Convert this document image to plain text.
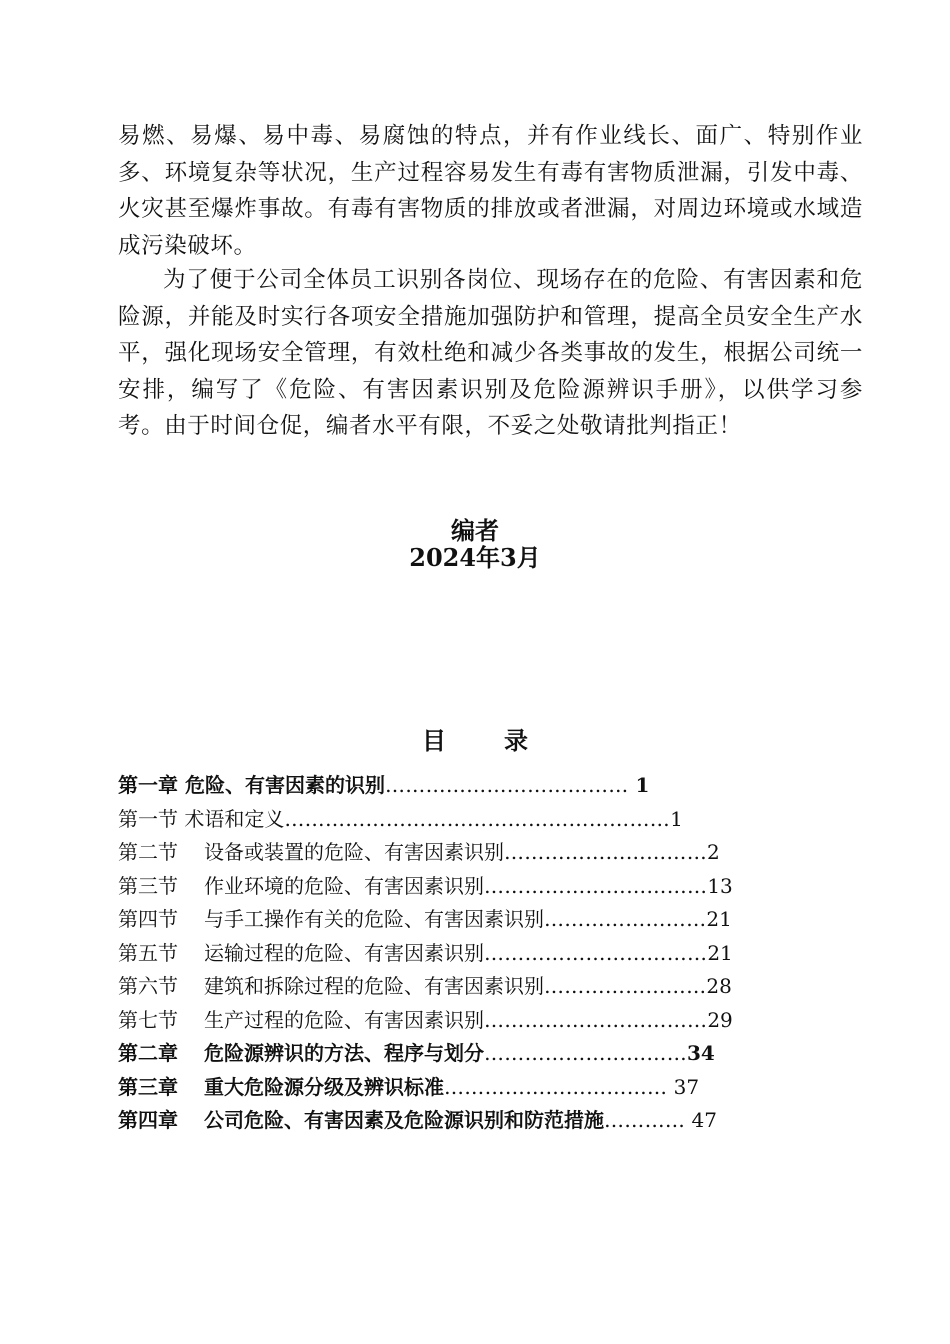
易燃、易爆、易中毒、易腐蚀的特点，并有作业线长、面广、特别作业多、环境复杂等状况，生产过程容易发生有毒有害物质泄漏，引发中毒、火灾甚至爆炸事故。有毒有害物质的排放或者泄漏，对周边环境或水域造成污染破坏。

为了便于公司全体员工识别各岗位、现场存在的危险、有害因素和危险源，并能及时实行各项安全措施加强防护和管理，提高全员安全生产水平，强化现场安全管理，有效杜绝和减少各类事故的发生，根据公司统一安排，编写了《危险、有害因素识别及危险源辨识手册》，以供学习参考。由于时间仓促，编者水平有限，不妥之处敬请批判指正！

编者
2024年3月
目录
第一章 危险、有害因素的识别……………………………… 1
第一节 术语和定义…………………………………………………1
第二节 设备或装置的危险、有害因素识别…………………………2
第三节 作业环境的危险、有害因素识别……………………………13
第四节 与手工操作有关的危险、有害因素识别……………………21
第五节 运输过程的危险、有害因素识别……………………………21
第六节 建筑和拆除过程的危险、有害因素识别……………………28
第七节 生产过程的危险、有害因素识别……………………………29
第二章 危险源辨识的方法、程序与划分…………………………34
第三章 重大危险源分级及辨识标准…………………………… 37
第四章 公司危险、有害因素及危险源识别和防范措施………… 47
